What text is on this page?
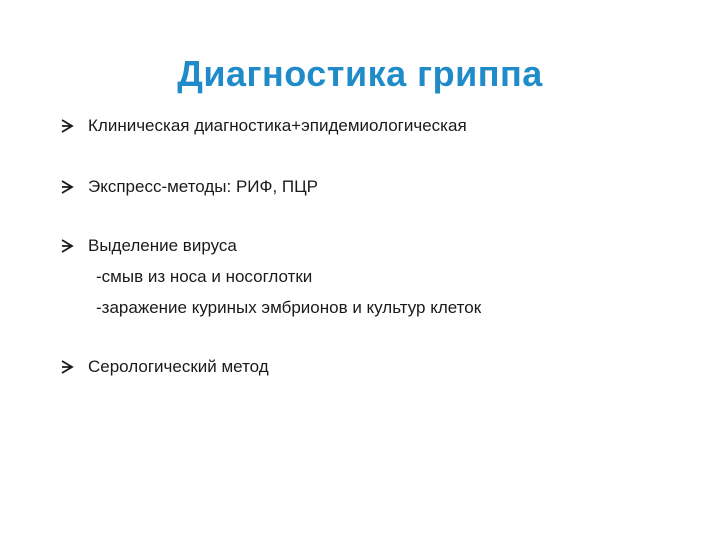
Диагностика гриппа
Клиническая диагностика+эпидемиологическая
Экспресс-методы: РИФ, ПЦР
Выделение вируса
-смыв из носа и носоглотки
-заражение куриных эмбрионов и культур клеток
Серологический метод
